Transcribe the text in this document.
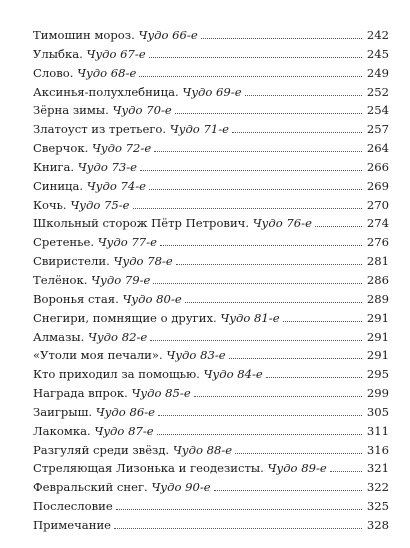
Тимошин мороз. Чудо 66-е	242
Улыбка. Чудо 67-е	245
Слово. Чудо 68-е	249
Аксинья-полухлебница. Чудо 69-е	252
Зёрна зимы. Чудо 70-е	254
Златоуст из третьего. Чудо 71-е	257
Сверчок. Чудо 72-е	264
Книга. Чудо 73-е	266
Синица. Чудо 74-е	269
Кочь. Чудо 75-е	270
Школьный сторож Пётр Петрович. Чудо 76-е	274
Сретенье. Чудо 77-е	276
Свиристели. Чудо 78-е	281
Телёнок. Чудо 79-е	286
Воронья стая. Чудо 80-е	289
Снегири, помнящие о других. Чудо 81-е	291
Алмазы. Чудо 82-е	291
«Утоли моя печали». Чудо 83-е	291
Кто приходил за помощью. Чудо 84-е	295
Награда впрок. Чудо 85-е	299
Заигрыш. Чудо 86-е	305
Лакомка. Чудо 87-е	311
Разгуляй среди звёзд. Чудо 88-е	316
Стреляющая Лизонька и геодезисты. Чудо 89-е	321
Февральский снег. Чудо 90-е	322
Послесловие	325
Примечание	328
